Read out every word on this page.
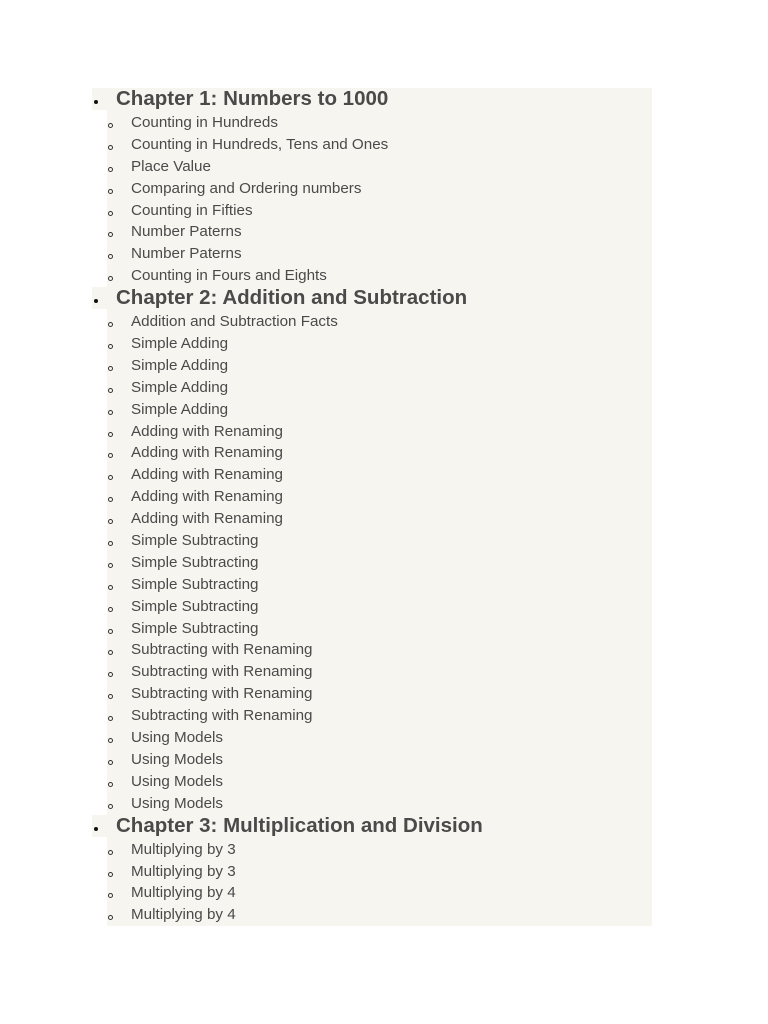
Chapter 1: Numbers to 1000
Counting in Hundreds
Counting in Hundreds, Tens and Ones
Place Value
Comparing and Ordering numbers
Counting in Fifties
Number Paterns
Number Paterns
Counting in Fours and Eights
Chapter 2: Addition and Subtraction
Addition and Subtraction Facts
Simple Adding
Simple Adding
Simple Adding
Simple Adding
Adding with Renaming
Adding with Renaming
Adding with Renaming
Adding with Renaming
Adding with Renaming
Simple Subtracting
Simple Subtracting
Simple Subtracting
Simple Subtracting
Simple Subtracting
Subtracting with Renaming
Subtracting with Renaming
Subtracting with Renaming
Subtracting with Renaming
Using Models
Using Models
Using Models
Using Models
Chapter 3: Multiplication and Division
Multiplying by 3
Multiplying by 3
Multiplying by 4
Multiplying by 4
